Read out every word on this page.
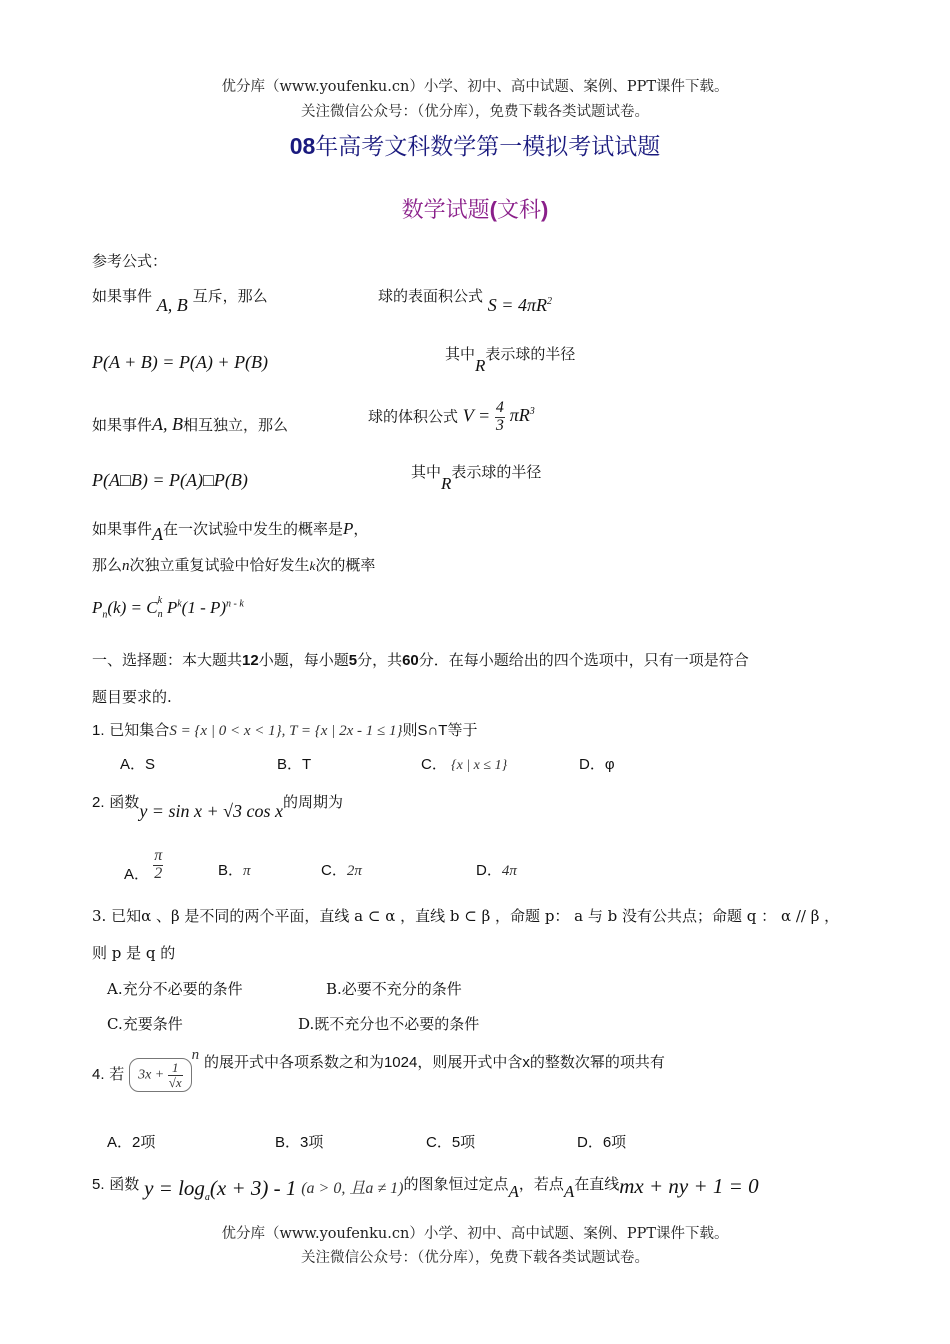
优分库（www.youfenku.cn）小学、初中、高中试题、案例、PPT课件下载。
关注微信公众号：（优分库），免费下载各类试题试卷。
08年高考文科数学第一模拟考试试题
数学试题(文科)
参考公式：
如果事件 A, B 互斥，那么	球的表面积公式 $S = 4\pi R^2$
P(A + B) = P(A) + P(B)	其中R表示球的半径
如果事件A, B相互独立，那么	球的体积公式 $V = \frac{4}{3} \pi R^3$
P(A□B) = P(A)□P(B)	其中R表示球的半径
如果事件A在一次试验中发生的概率是P，
那么n次独立重复试验中恰好发生k次的概率
$P_n(k) = C$ $_{k n}$ $P^k(1 - P)^{n - k}$
一、选择题：本大题共12小题，每小题5分，共60分．在每小题给出的四个选项中，只有一项是符合
题目要求的.
1. 已知集合S = {x | 0 < x < 1}, T = {x | 2x - 1 ≤ 1}则S∩T等于
A．S	B．T	C． {x | x ≤ 1}	D．φ
2. 函数y = sin x + √3 cos x的周期为
A． $\frac{\pi}{2}$	B．π	C．2π	D．4π
3. 已知α 、β 是不同的两个平面，直线 a ⊂ α ，直线 b ⊂ β ，命题 p： a 与 b 没有公共点；命题 q ： α // β ，
则 p 是 q 的
A.充分不必要的条件	B.必要不充分的条件
C.充要条件	D.既不充分也不必要的条件
4. 若 $3x + \frac{1}{√x}$
$^n$ 的展开式中各项系数之和为1024，则展开式中含x的整数次幂的项共有
A．2项	B．3项	C．5项	D．6项
5. 函数 $y = \log_a(x + 3) - 1$ (a > 0, 且a ≠ 1)的图象恒过定点A，若点A在直线mx + ny + 1 = 0
优分库（www.youfenku.cn）小学、初中、高中试题、案例、PPT课件下载。
关注微信公众号：（优分库），免费下载各类试题试卷。
